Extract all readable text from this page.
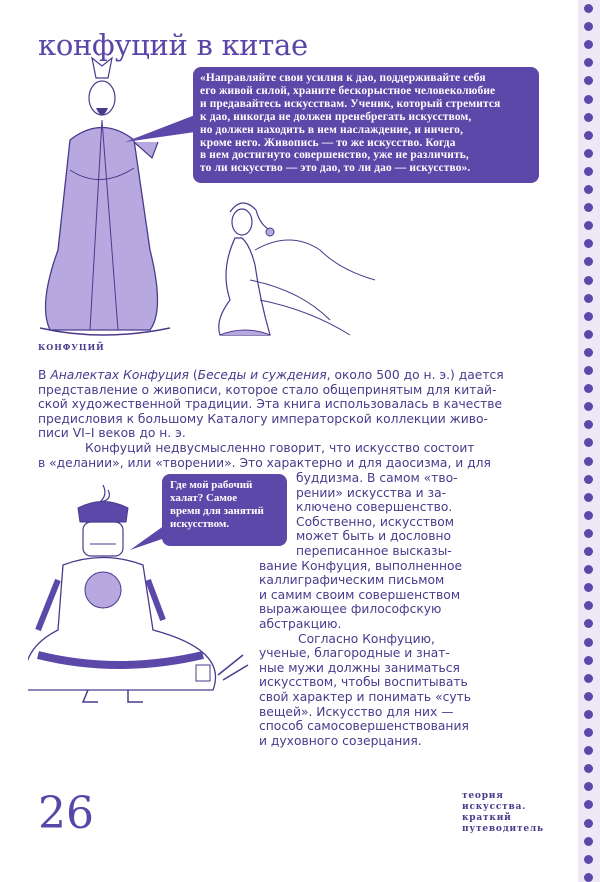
конфуций в китае
«Направляйте свои усилия к дао, поддерживайте себя
его живой силой, храните бескорыстное человеколюбие
и предавайтесь искусствам. Ученик, который стремится
к дао, никогда не должен пренебрегать искусством,
но должен находить в нем наслаждение, и ничего,
кроме него. Живопись — то же искусство. Когда
в нем достигнуто совершенство, уже не различить,
то ли искусство — это дао, то ли дао — искусство».
КОНФУЦИЙ
В Аналектах Конфуция (Беседы и суждения, около 500 до н. э.) дается
представление о живописи, которое стало общепринятым для китай-
ской художественной традиции. Эта книга использовалась в качестве
предисловия к большому Каталогу императорской коллекции живо-
писи VI–I веков до н. э.
Конфуций недвусмысленно говорит, что искусство состоит
в «делании», или «творении». Это характерно и для даосизма, и для
Где мой рабочий
халат? Самое
время для занятий
искусством.
буддизма. В самом «тво-
рении» искусства и за-
ключено совершенство.
Собственно, искусством
может быть и дословно
переписанное высказы-
вание Конфуция, выполненное
каллиграфическим письмом
и самим своим совершенством
выражающее философскую
абстракцию.
Согласно Конфуцию,
ученые, благородные и знат-
ные мужи должны заниматься
искусством, чтобы воспитывать
свой характер и понимать «суть
вещей». Искусство для них —
способ самосовершенствования
и духовного созерцания.
26	теория
искусства.
краткий
путеводитель
